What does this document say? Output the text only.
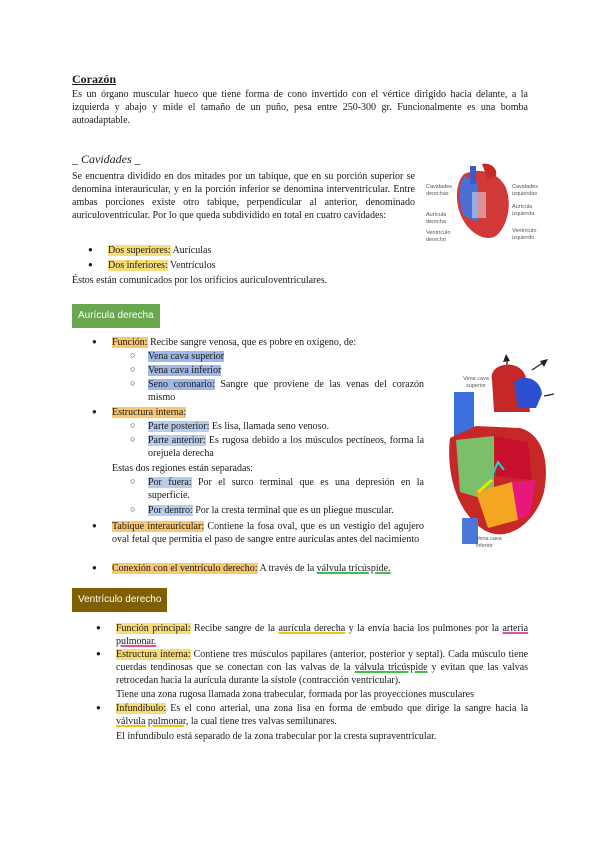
Corazón
Es un órgano muscular hueco que tiene forma de cono invertido con el vértice dirigido hacia delante, a la izquierda y abajo y mide el tamaño de un puño, pesa entre 250-300 gr. Funcionalmente es una bomba autoadaptable.
_ Cavidades _
Se encuentra dividido en dos mitades por un tabique, que en su porción superior se denomina interauricular, y en la porción inferior se denomina interventricular. Entre ambas porciones existe otro tabique, perpendicular al anterior, denominado auriculoventricular. Por lo que queda subdividido en total en cuatro cavidades:
● Dos superiores: Aurículas
● Dos inferiores: Ventrículos
Éstos están comunicados por los orificios auriculoventriculares.
Cavidades derechas
Aurícula derecha
Ventrículo derecho
Cavidades izquierdas
Aurícula izquierda
Ventrículo izquierdo
Aurícula derecha
● Función: Recibe sangre venosa, que es pobre en oxígeno, de:
○ Vena cava superior
○ Vena cava inferior
○ Seno coronario: Sangre que proviene de las venas del corazón mismo
● Estructura interna:
○ Parte posterior: Es lisa, llamada seno venoso.
○ Parte anterior: Es rugosa debido a los músculos pectíneos, forma la orejuela derecha
Estas dos regiones están separadas:
○ Por fuera: Por el surco terminal que es una depresión en la superficie.
○ Por dentro: Por la cresta terminal que es un pliegue muscular.
● Tabique interauricular: Contiene la fosa oval, que es un vestigio del agujero oval fetal que permitía el paso de sangre entre aurículas antes del nacimiento
● Conexión con el ventrículo derecho: A través de la válvula tricúspide.
Vena cava superior
Vena cava inferior
Ventrículo derecho
● Función principal: Recibe sangre de la aurícula derecha y la envía hacia los pulmones por la arteria pulmonar.
● Estructura interna: Contiene tres músculos papilares (anterior, posterior y septal). Cada músculo tiene cuerdas tendinosas que se conectan con las valvas de la válvula tricúspide y evitan que las valvas retrocedan hacia la aurícula durante la sístole (contracción ventricular).
Tiene una zona rugosa llamada zona trabecular, formada por las proyecciones musculares
● Infundíbulo: Es el cono arterial, una zona lisa en forma de embudo que dirige la sangre hacia la válvula pulmonar, la cual tiene tres valvas semilunares.
El infundíbulo está separado de la zona trabecular por la cresta supraventricular.
